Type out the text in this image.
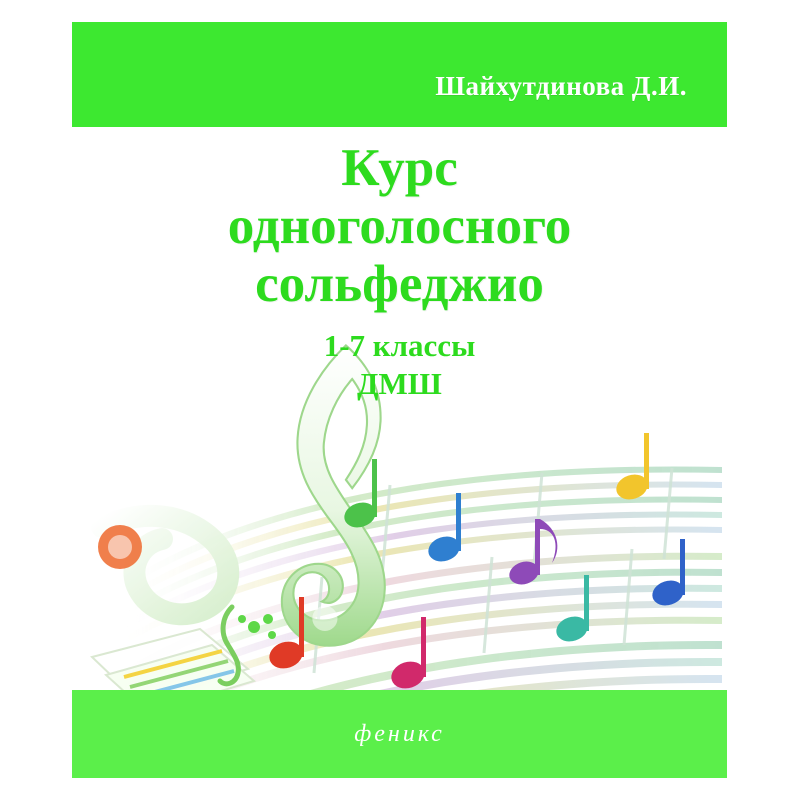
Шайхутдинова Д.И.
Курс
одноголосного
сольфеджио
1-7 классы
ДМШ
феникс
